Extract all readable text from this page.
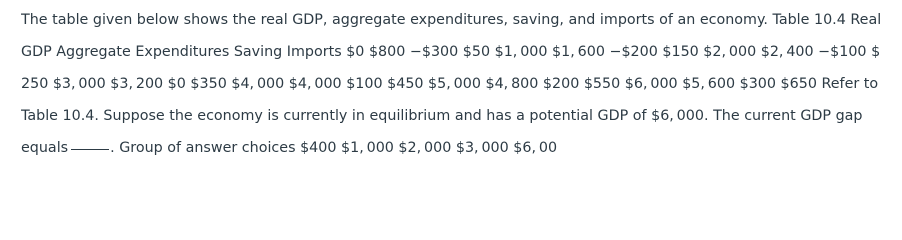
The table given below shows the real GDP, aggregate expenditures, saving, and imports of an economy. Table 10.4 Real
GDP Aggregate Expenditures Saving Imports $0 $800 −$300 $50 $1, 000 $1, 600 −$200 $150 $2, 000 $2, 400 −$100 $
250 $3, 000 $3, 200 $0 $350 $4, 000 $4, 000 $100 $450 $5, 000 $4, 800 $200 $550 $6, 000 $5, 600 $300 $650 Refer to
Table 10.4. Suppose the economy is currently in equilibrium and has a potential GDP of $6, 000. The current GDP gap
equals	. Group of answer choices $400 $1, 000 $2, 000 $3, 000 $6, 00
